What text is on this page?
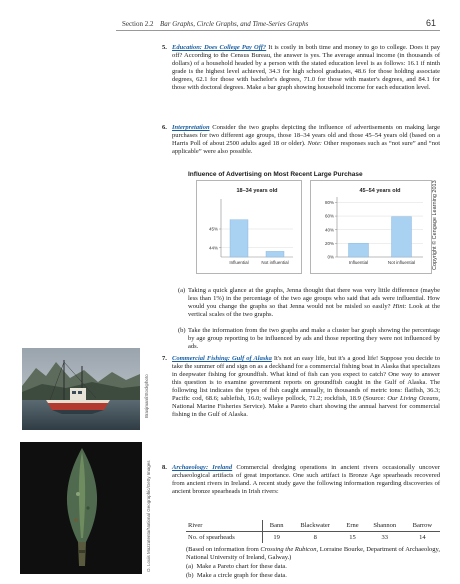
Section 2.2 Bar Graphs, Circle Graphs, and Time-Series Graphs	61
5. Education: Does College Pay Off? It is costly in both time and money to go to college. Does it pay off? According to the Census Bureau, the answer is yes. The average annual income (in thousands of dollars) of a household headed by a person with the stated education level is as follows: 16.1 if ninth grade is the highest level achieved, 34.3 for high school graduates, 48.6 for those holding associate degrees, 62.1 for those with bachelor's degrees, 71.0 for those with master's degrees, and 84.1 for those with doctoral degrees. Make a bar graph showing household income for each education level.

6. Interpretation Consider the two graphs depicting the influence of advertisements on making large purchases for two different age groups, those 18–34 years old and those 45–54 years old (based on a Harris Poll of about 2500 adults aged 18 or older). Note: Other responses such as “not sure” and “not applicable” were also possible.

Influence of Advertising on Most Recent Large Purchase
18–34 years old
44%
45%
Influential	Not influential
45–54 years old
0%
20%
40%
60%
80%
Influential	Not influential	Copyright © Cengage Learning 2013
(a) Taking a quick glance at the graphs, Jenna thought that there was very little difference (maybe less than 1%) in the percentage of the two age groups who said that ads were influential. How would you change the graphs so that Jenna would not be misled so easily? Hint: Look at the vertical scales of the two graphs.
(b) Take the information from the two graphs and make a cluster bar graph showing the percentage by age group reporting to be influenced by ads and those reporting they were not influenced by ads.
Brasjman/iStockphoto
O. Louis Mazzatenta/National Geographic/Getty Images
7. Commercial Fishing: Gulf of Alaska It's not an easy life, but it's a good life! Suppose you decide to take the summer off and sign on as a deckhand for a commercial fishing boat in Alaska that specializes in deepwater fishing for groundfish. What kind of fish can you expect to catch? One way to answer this question is to examine government reports on groundfish caught in the Gulf of Alaska. The following list indicates the types of fish caught annually, in thousands of metric tons: flatfish, 36.3; Pacific cod, 68.6; sablefish, 16.0; walleye pollock, 71.2; rockfish, 18.9 (Source: Our Living Oceans, National Marine Fisheries Service). Make a Pareto chart showing the annual harvest for commercial fishing in the Gulf of Alaska.

8. Archaeology: Ireland Commercial dredging operations in ancient rivers occasionally uncover archaeological artifacts of great importance. One such artifact is Bronze Age spearheads recovered from ancient rivers in Ireland. A recent study gave the following information regarding discoveries of ancient bronze spearheads in Irish rivers:

River	Bann	Blackwater	Erne	Shannon	Barrow
No. of spearheads	19	8	15	33	14
(Based on information from Crossing the Rubicon, Lorraine Bourke, Department of Archaeology, National University of Ireland, Galway.)
(a)  Make a Pareto chart for these data.
(b)  Make a circle graph for these data.
